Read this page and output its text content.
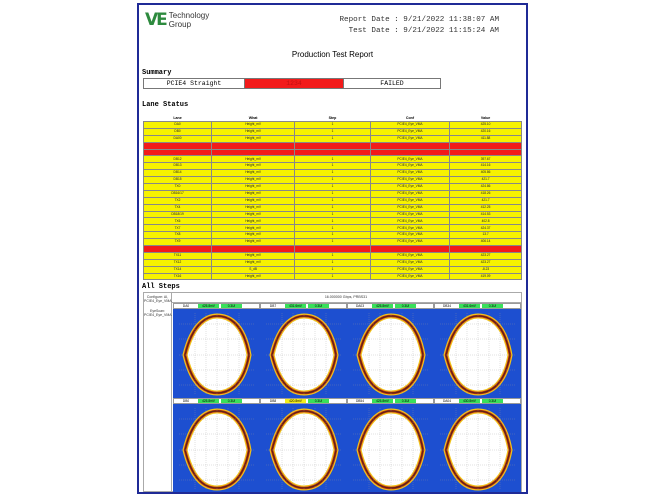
VE Technology
Group	Report Date : 9/21/2022 11:38:07 AM
Test Date : 9/21/2022 11:15:24 AM
Production Test Report
Summary
PCIE4 Straight	1234	FAILED
Lane Status
Lane	What	Step	Conf	Value
DA0	Height_mV	1	PCIE4_Eye_VMA	425.10
DB0	Height_mV	1	PCIE4_Eye_VMA	420.16
DA00	Height_mV	1	PCIE4_Eye_VMA	411.88
DB0	Height_mV	1	PCIE4_Eye_VMA	0
DA01	S_dB	1	PCIE4_Eye_VMA	0
DB12	Height_mV	1	PCIE4_Eye_VMA	397.67
DB13	Height_mV	1	PCIE4_Eye_VMA	414.16
DB14	Height_mV	1	PCIE4_Eye_VMA	405.86
DB15	Height_mV	1	PCIE4_Eye_VMA	421.7
TX0	Height_mV	1	PCIE4_Eye_VMA	424.86
DB16/17	Height_mV	1	PCIE4_Eye_VMA	418.26
TX2	Height_mV	1	PCIE4_Eye_VMA	421.7
TX4	Height_mV	1	PCIE4_Eye_VMA	412.25
DB18/19	Height_mV	1	PCIE4_Eye_VMA	414.53
TX6	Height_mV	1	PCIE4_Eye_VMA	402.8
TX7	Height_mV	1	PCIE4_Eye_VMA	424.37
TX8	Height_mV	1	PCIE4_Eye_VMA	13.7
TX9	Height_mV	1	PCIE4_Eye_VMA	406.14
TX10	Height_mV	1	PCIE4_Eye_VMA	0
TX11	Height_mV	1	PCIE4_Eye_VMA	423.27
TX12	Height_mV	1	PCIE4_Eye_VMA	423.27
TX14	S_dB	1	PCIE4_Eye_VMA	-8.23
TX16	Height_mV	1	PCIE4_Eye_VMA	419.09
All Steps
Configure: AI, PCIE4_Eye_VMA
EyeScan: PCIE4_Eye_VMA
16.000000 Gbps, PRBS31
DA0	425.8mV	0.3UI	DB7	431.6mV	0.3UI	DA03	425.8mV	0.3UI	DB34	431.6mV	0.3UI
DB0	425.8mV	0.3UI	DB8	420.8mV	0.3UI	DB54	425.8mV	0.3UI	DA04	430.8mV	0.3UI
